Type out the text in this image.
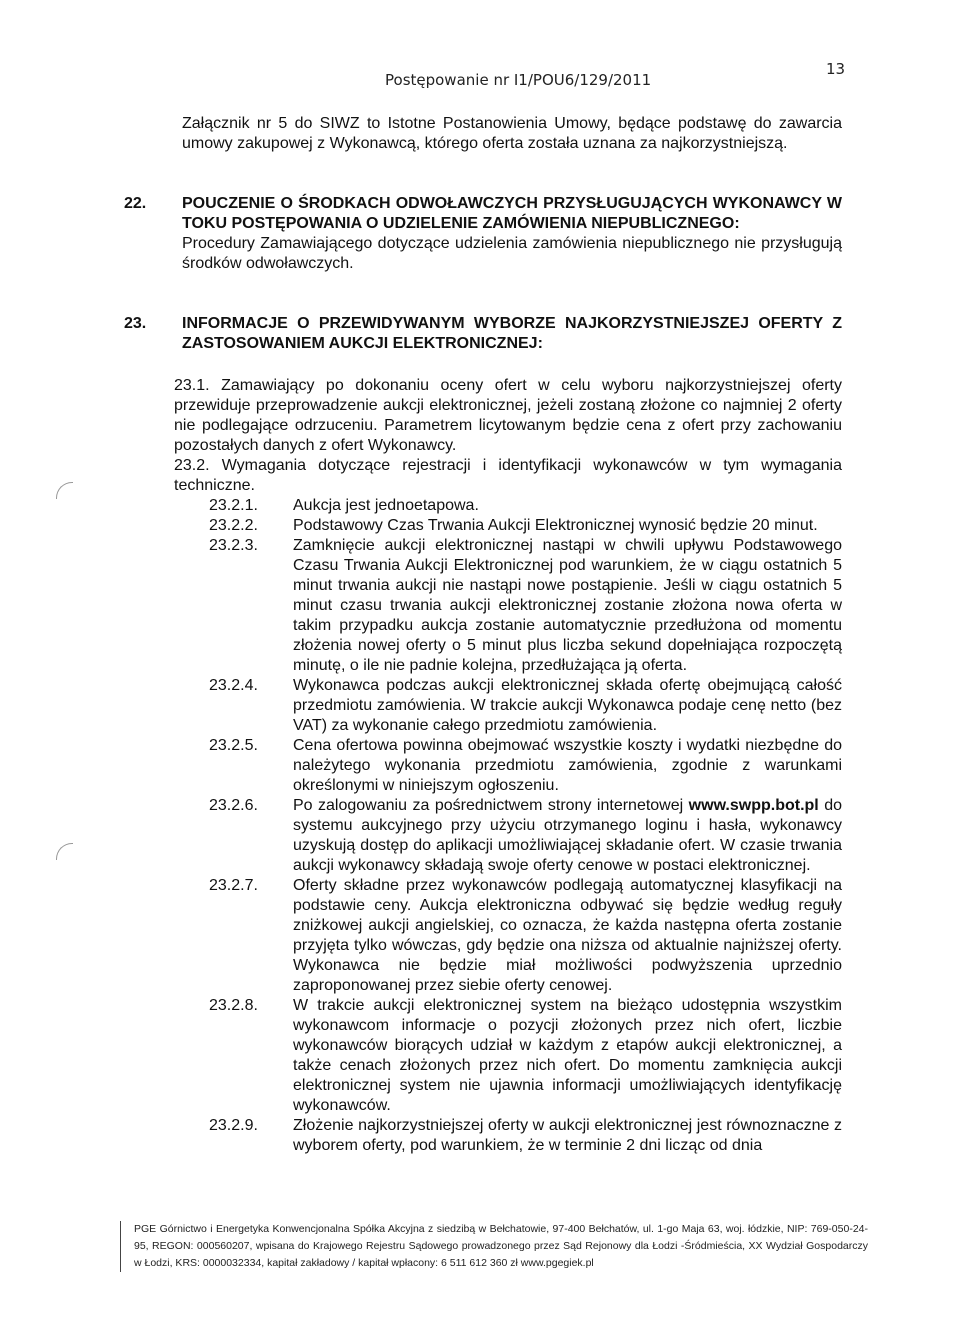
13
Postępowanie nr I1/POU6/129/2011

Załącznik nr 5 do SIWZ to Istotne Postanowienia Umowy, będące podstawę do zawarcia umowy zakupowej z Wykonawcą, którego oferta została uznana za najkorzystniejszą.

22. POUCZENIE O ŚRODKACH ODWOŁAWCZYCH PRZYSŁUGUJĄCYCH WYKONAWCY W TOKU POSTĘPOWANIA O UDZIELENIE ZAMÓWIENIA NIEPUBLICZNEGO:

Procedury Zamawiającego dotyczące udzielenia zamówienia niepublicznego nie przysługują środków odwoławczych.

23. INFORMACJE O PRZEWIDYWANYM WYBORZE NAJKORZYSTNIEJSZEJ OFERTY Z ZASTOSOWANIEM AUKCJI ELEKTRONICZNEJ:

23.1. Zamawiający po dokonaniu oceny ofert w celu wyboru najkorzystniejszej oferty przewiduje przeprowadzenie aukcji elektronicznej, jeżeli zostaną złożone co najmniej 2 oferty nie podlegające odrzuceniu. Parametrem licytowanym będzie cena z ofert przy zachowaniu pozostałych danych z ofert Wykonawcy.

23.2. Wymagania dotyczące rejestracji i identyfikacji wykonawców w tym wymagania techniczne.

23.2.1.	Aukcja jest jednoetapowa.

23.2.2.	Podstawowy Czas Trwania Aukcji Elektronicznej wynosić będzie 20 minut.

23.2.3.	Zamknięcie aukcji elektronicznej nastąpi w chwili upływu Podstawowego Czasu Trwania Aukcji Elektronicznej pod warunkiem, że w ciągu ostatnich 5 minut trwania aukcji nie nastąpi nowe postąpienie. Jeśli w ciągu ostatnich 5 minut czasu trwania aukcji elektronicznej zostanie złożona nowa oferta w takim przypadku aukcja zostanie automatycznie przedłużona od momentu złożenia nowej oferty o 5 minut plus liczba sekund dopełniająca rozpoczętą minutę, o ile nie padnie kolejna, przedłużająca ją oferta.

23.2.4.	Wykonawca podczas aukcji elektronicznej składa ofertę obejmującą całość przedmiotu zamówienia. W trakcie aukcji Wykonawca podaje cenę netto (bez VAT) za wykonanie całego przedmiotu zamówienia.

23.2.5.	Cena ofertowa powinna obejmować wszystkie koszty i wydatki niezbędne do należytego wykonania przedmiotu zamówienia, zgodnie z warunkami określonymi w niniejszym ogłoszeniu.

23.2.6.	Po zalogowaniu za pośrednictwem strony internetowej www.swpp.bot.pl do systemu aukcyjnego przy użyciu otrzymanego loginu i hasła, wykonawcy uzyskują dostęp do aplikacji umożliwiającej składanie ofert. W czasie trwania aukcji wykonawcy składają swoje oferty cenowe w postaci elektronicznej.

23.2.7.	Oferty składne przez wykonawców podlegają automatycznej klasyfikacji na podstawie ceny. Aukcja elektroniczna odbywać się będzie według reguły zniżkowej aukcji angielskiej, co oznacza, że każda następna oferta zostanie przyjęta tylko wówczas, gdy będzie ona niższa od aktualnie najniższej oferty. Wykonawca nie będzie miał możliwości podwyższenia uprzednio zaproponowanej przez siebie oferty cenowej.

23.2.8.	W trakcie aukcji elektronicznej system na bieżąco udostępnia wszystkim wykonawcom informacje o pozycji złożonych przez nich ofert, liczbie wykonawców biorących udział w każdym z etapów aukcji elektronicznej, a także cenach złożonych przez nich ofert. Do momentu zamknięcia aukcji elektronicznej system nie ujawnia informacji umożliwiających identyfikację wykonawców.

23.2.9.	Złożenie najkorzystniejszej oferty w aukcji elektronicznej jest równoznaczne z wyborem oferty, pod warunkiem, że w terminie 2 dni licząc od dnia

PGE Górnictwo i Energetyka Konwencjonalna Spółka Akcyjna z siedzibą w Bełchatowie, 97-400 Bełchatów, ul. 1-go Maja 63, woj. łódzkie, NIP: 769-050-24-95, REGON: 000560207, wpisana do Krajowego Rejestru Sądowego prowadzonego przez Sąd Rejonowy dla Łodzi -Śródmieścia, XX Wydział Gospodarczy w Łodzi, KRS: 0000032334, kapitał zakładowy / kapitał wpłacony: 6 511 612 360 zł www.pgegiek.pl
